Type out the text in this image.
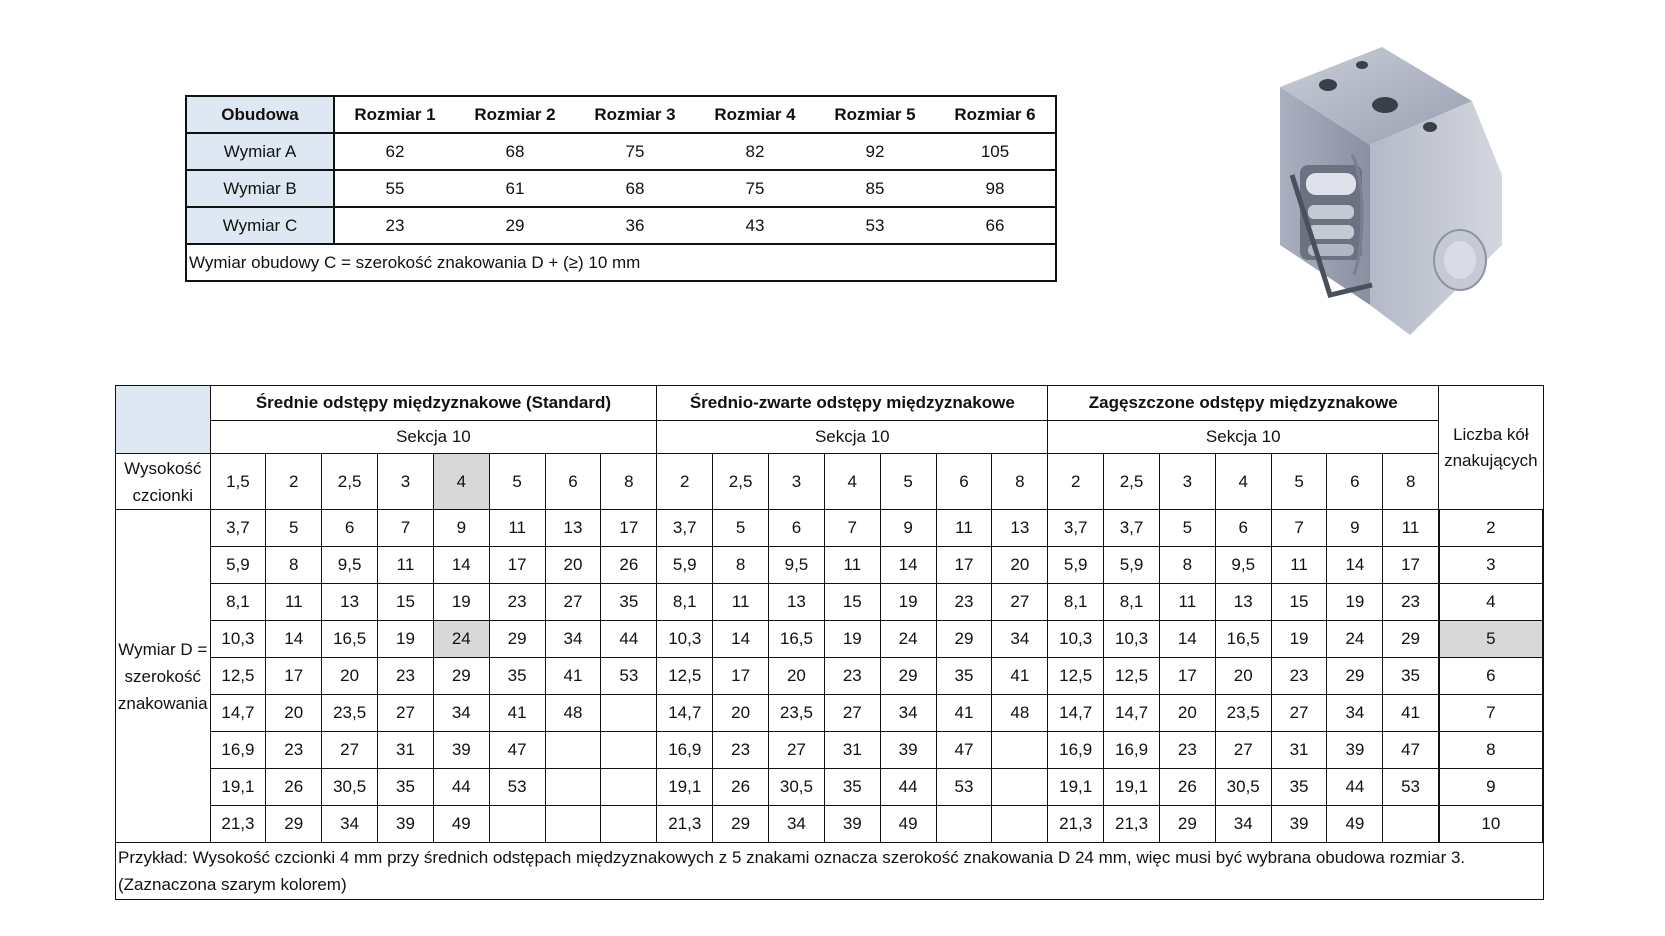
Obudowa	Rozmiar 1	Rozmiar 2	Rozmiar 3	Rozmiar 4	Rozmiar 5	Rozmiar 6
Wymiar A	62	68	75	82	92	105
Wymiar B	55	61	68	75	85	98
Wymiar C	23	29	36	43	53	66
Wymiar obudowy C = szerokość znakowania D + (≥) 10 mm						
	Średnie odstępy międzyznakowe (Standard)								Średnio-zwarte odstępy międzyznakowe							Zagęszczone odstępy międzyznakowe							Liczba kół znakujących
	Sekcja 10								Sekcja 10							Sekcja 10							
Wysokość czcionki	1,5	2	2,5	3	4	5	6	8	2	2,5	3	4	5	6	8	2	2,5	3	4	5	6	8	
Wymiar D = szerokość znakowania	3,7	5	6	7	9	11	13	17	3,7	5	6	7	9	11	13	3,7	3,7	5	6	7	9	11	2
	5,9	8	9,5	11	14	17	20	26	5,9	8	9,5	11	14	17	20	5,9	5,9	8	9,5	11	14	17	3
	8,1	11	13	15	19	23	27	35	8,1	11	13	15	19	23	27	8,1	8,1	11	13	15	19	23	4
	10,3	14	16,5	19	24	29	34	44	10,3	14	16,5	19	24	29	34	10,3	10,3	14	16,5	19	24	29	5
	12,5	17	20	23	29	35	41	53	12,5	17	20	23	29	35	41	12,5	12,5	17	20	23	29	35	6
	14,7	20	23,5	27	34	41	48		14,7	20	23,5	27	34	41	48	14,7	14,7	20	23,5	27	34	41	7
	16,9	23	27	31	39	47			16,9	23	27	31	39	47		16,9	16,9	23	27	31	39	47	8
	19,1	26	30,5	35	44	53			19,1	26	30,5	35	44	53		19,1	19,1	26	30,5	35	44	53	9
	21,3	29	34	39	49				21,3	29	34	39	49			21,3	21,3	29	34	39	49		10
Przykład: Wysokość czcionki 4 mm przy średnich odstępach międzyznakowych z 5 znakami oznacza szerokość znakowania D 24 mm, więc musi być wybrana obudowa rozmiar 3. (Zaznaczona szarym kolorem)																							
